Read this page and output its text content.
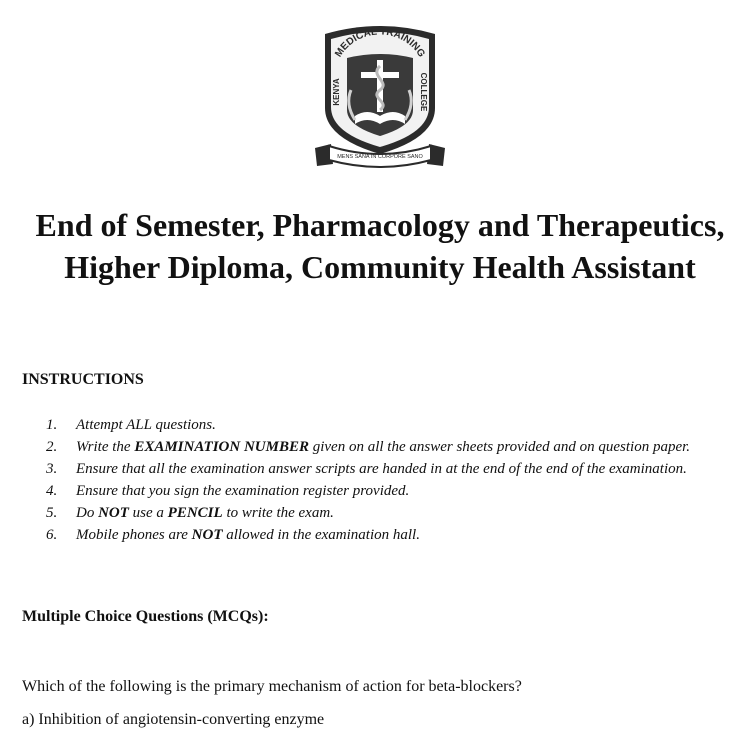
MEDICAL TRAINING
KENYA	COLLEGE
MENS SANA IN CORPORE SANO
End of Semester, Pharmacology and Therapeutics, Higher Diploma, Community Health Assistant
INSTRUCTIONS
1.	Attempt ALL questions.
2.	Write the EXAMINATION NUMBER given on all the answer sheets provided and on question paper.
3.	Ensure that all the examination answer scripts are handed in at the end of the end of the examination.
4.	Ensure that you sign the examination register provided.
5.	Do NOT use a PENCIL to write the exam.
6.	Mobile phones are NOT allowed in the examination hall.
Multiple Choice Questions (MCQs):

Which of the following is the primary mechanism of action for beta-blockers?

a) Inhibition of angiotensin-converting enzyme
